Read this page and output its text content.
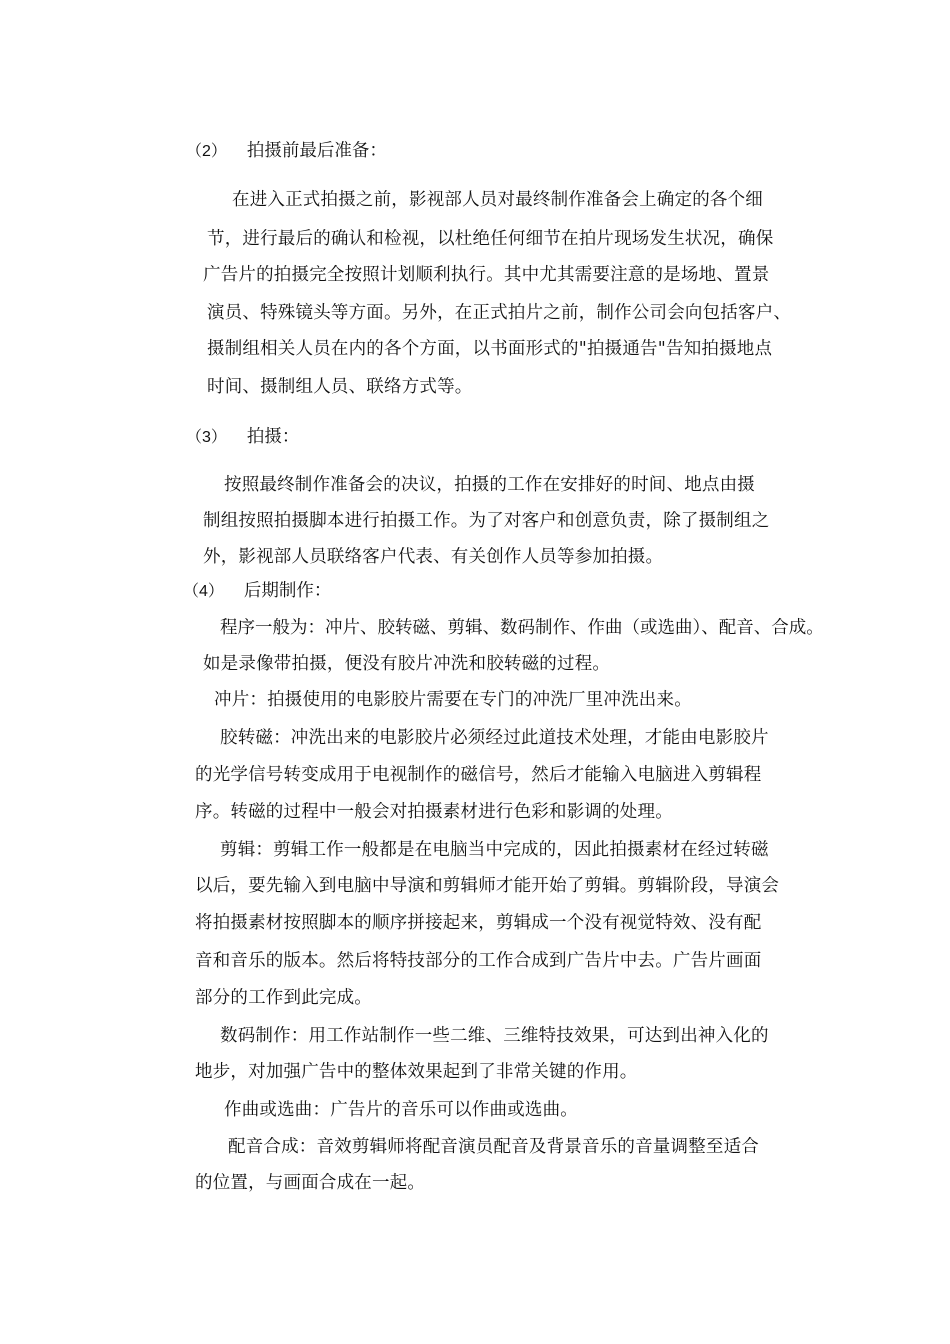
（2） 拍摄前最后准备：
在进入正式拍摄之前，影视部人员对最终制作准备会上确定的各个细
节，进行最后的确认和检视，以杜绝任何细节在拍片现场发生状况，确保
广告片的拍摄完全按照计划顺利执行。其中尤其需要注意的是场地、置景
演员、特殊镜头等方面。另外，在正式拍片之前，制作公司会向包括客户、
摄制组相关人员在内的各个方面，以书面形式的"拍摄通告"告知拍摄地点
时间、摄制组人员、联络方式等。
（3） 拍摄：
按照最终制作准备会的决议，拍摄的工作在安排好的时间、地点由摄
制组按照拍摄脚本进行拍摄工作。为了对客户和创意负责，除了摄制组之
外，影视部人员联络客户代表、有关创作人员等参加拍摄。
（4） 后期制作：
程序一般为：冲片、胶转磁、剪辑、数码制作、作曲（或选曲）、配音、合成。
如是录像带拍摄，便没有胶片冲洗和胶转磁的过程。
冲片：拍摄使用的电影胶片需要在专门的冲洗厂里冲洗出来。
胶转磁：冲洗出来的电影胶片必须经过此道技术处理，才能由电影胶片
的光学信号转变成用于电视制作的磁信号，然后才能输入电脑进入剪辑程
序。转磁的过程中一般会对拍摄素材进行色彩和影调的处理。
剪辑：剪辑工作一般都是在电脑当中完成的，因此拍摄素材在经过转磁
以后，要先输入到电脑中导演和剪辑师才能开始了剪辑。剪辑阶段，导演会
将拍摄素材按照脚本的顺序拼接起来，剪辑成一个没有视觉特效、没有配
音和音乐的版本。然后将特技部分的工作合成到广告片中去。广告片画面
部分的工作到此完成。
数码制作：用工作站制作一些二维、三维特技效果，可达到出神入化的
地步，对加强广告中的整体效果起到了非常关键的作用。
作曲或选曲：广告片的音乐可以作曲或选曲。
配音合成：音效剪辑师将配音演员配音及背景音乐的音量调整至适合
的位置，与画面合成在一起。
